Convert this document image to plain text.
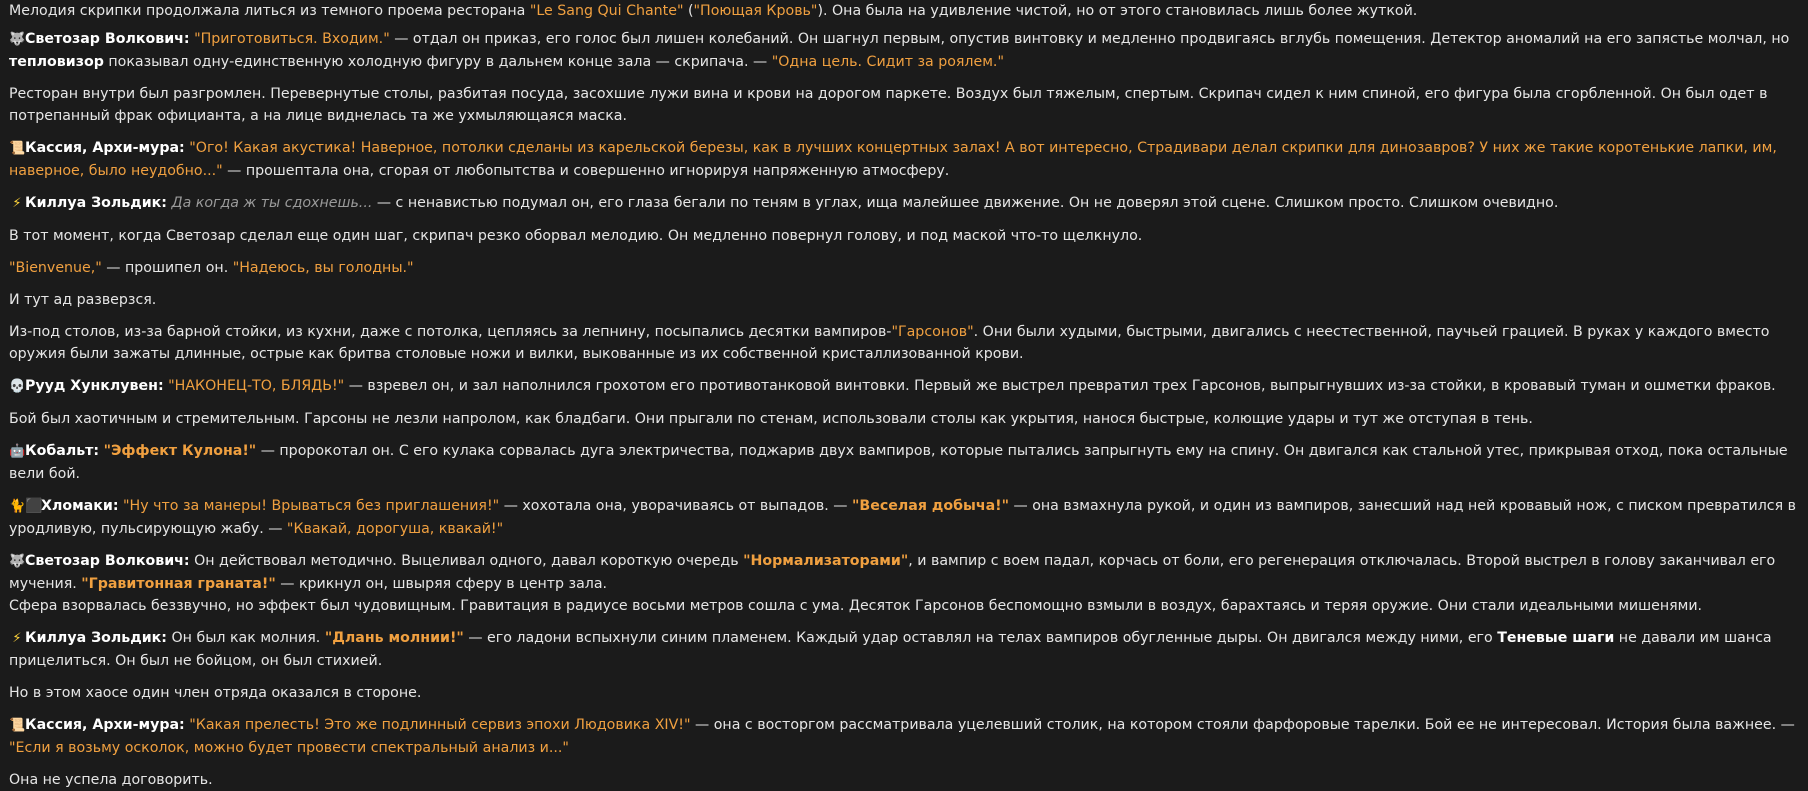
Мелодия скрипки продолжала литься из темного проема ресторана "Le Sang Qui Chante" ("Поющая Кровь"). Она была на удивление чистой, но от этого становилась лишь более жуткой.

🐺Светозар Волкович: "Приготовиться. Входим." — отдал он приказ, его голос был лишен колебаний. Он шагнул первым, опустив винтовку и медленно продвигаясь вглубь помещения. Детектор аномалий на его запястье молчал, но тепловизор показывал одну-единственную холодную фигуру в дальнем конце зала — скрипача. — "Одна цель. Сидит за роялем."

Ресторан внутри был разгромлен. Перевернутые столы, разбитая посуда, засохшие лужи вина и крови на дорогом паркете. Воздух был тяжелым, спертым. Скрипач сидел к ним спиной, его фигура была сгорбленной. Он был одет в потрепанный фрак официанта, а на лице виднелась та же ухмыляющаяся маска.

📜Кассия, Архи-мура: "Ого! Какая акустика! Наверное, потолки сделаны из карельской березы, как в лучших концертных залах! А вот интересно, Страдивари делал скрипки для динозавров? У них же такие коротенькие лапки, им, наверное, было неудобно..." — прошептала она, сгорая от любопытства и совершенно игнорируя напряженную атмосферу.

⚡ Киллуа Зольдик: Да когда ж ты сдохнешь... — с ненавистью подумал он, его глаза бегали по теням в углах, ища малейшее движение. Он не доверял этой сцене. Слишком просто. Слишком очевидно.

В тот момент, когда Светозар сделал еще один шаг, скрипач резко оборвал мелодию. Он медленно повернул голову, и под маской что-то щелкнуло.

"Bienvenue," — прошипел он. "Надеюсь, вы голодны."

И тут ад разверзся.

Из-под столов, из-за барной стойки, из кухни, даже с потолка, цепляясь за лепнину, посыпались десятки вампиров-"Гарсонов". Они были худыми, быстрыми, двигались с неестественной, паучьей грацией. В руках у каждого вместо оружия были зажаты длинные, острые как бритва столовые ножи и вилки, выкованные из их собственной кристаллизованной крови.

💀Рууд Хунклувен: "НАКОНЕЦ-ТО, БЛЯДЬ!" — взревел он, и зал наполнился грохотом его противотанковой винтовки. Первый же выстрел превратил трех Гарсонов, выпрыгнувших из-за стойки, в кровавый туман и ошметки фраков.

Бой был хаотичным и стремительным. Гарсоны не лезли напролом, как бладбаги. Они прыгали по стенам, использовали столы как укрытия, нанося быстрые, колющие удары и тут же отступая в тень.

🤖Кобальт: "Эффект Кулона!" — пророкотал он. С его кулака сорвалась дуга электричества, поджарив двух вампиров, которые пытались запрыгнуть ему на спину. Он двигался как стальной утес, прикрывая отход, пока остальные вели бой.

🐈⬛Хломаки: "Ну что за манеры! Врываться без приглашения!" — хохотала она, уворачиваясь от выпадов. — "Веселая добыча!" — она взмахнула рукой, и один из вампиров, занесший над ней кровавый нож, с писком превратился в уродливую, пульсирующую жабу. — "Квакай, дорогуша, квакай!"

🐺Светозар Волкович: Он действовал методично. Выцеливал одного, давал короткую очередь "Нормализаторами", и вампир с воем падал, корчась от боли, его регенерация отключалась. Второй выстрел в голову заканчивал его мучения. "Гравитонная граната!" — крикнул он, швыряя сферу в центр зала.

Сфера взорвалась беззвучно, но эффект был чудовищным. Гравитация в радиусе восьми метров сошла с ума. Десяток Гарсонов беспомощно взмыли в воздух, барахтаясь и теряя оружие. Они стали идеальными мишенями.

⚡ Киллуа Зольдик: Он был как молния. "Длань молнии!" — его ладони вспыхнули синим пламенем. Каждый удар оставлял на телах вампиров обугленные дыры. Он двигался между ними, его Теневые шаги не давали им шанса прицелиться. Он был не бойцом, он был стихией.

Но в этом хаосе один член отряда оказался в стороне.

📜Кассия, Архи-мура: "Какая прелесть! Это же подлинный сервиз эпохи Людовика XIV!" — она с восторгом рассматривала уцелевший столик, на котором стояли фарфоровые тарелки. Бой ее не интересовал. История была важнее. — "Если я возьму осколок, можно будет провести спектральный анализ и..."

Она не успела договорить.
